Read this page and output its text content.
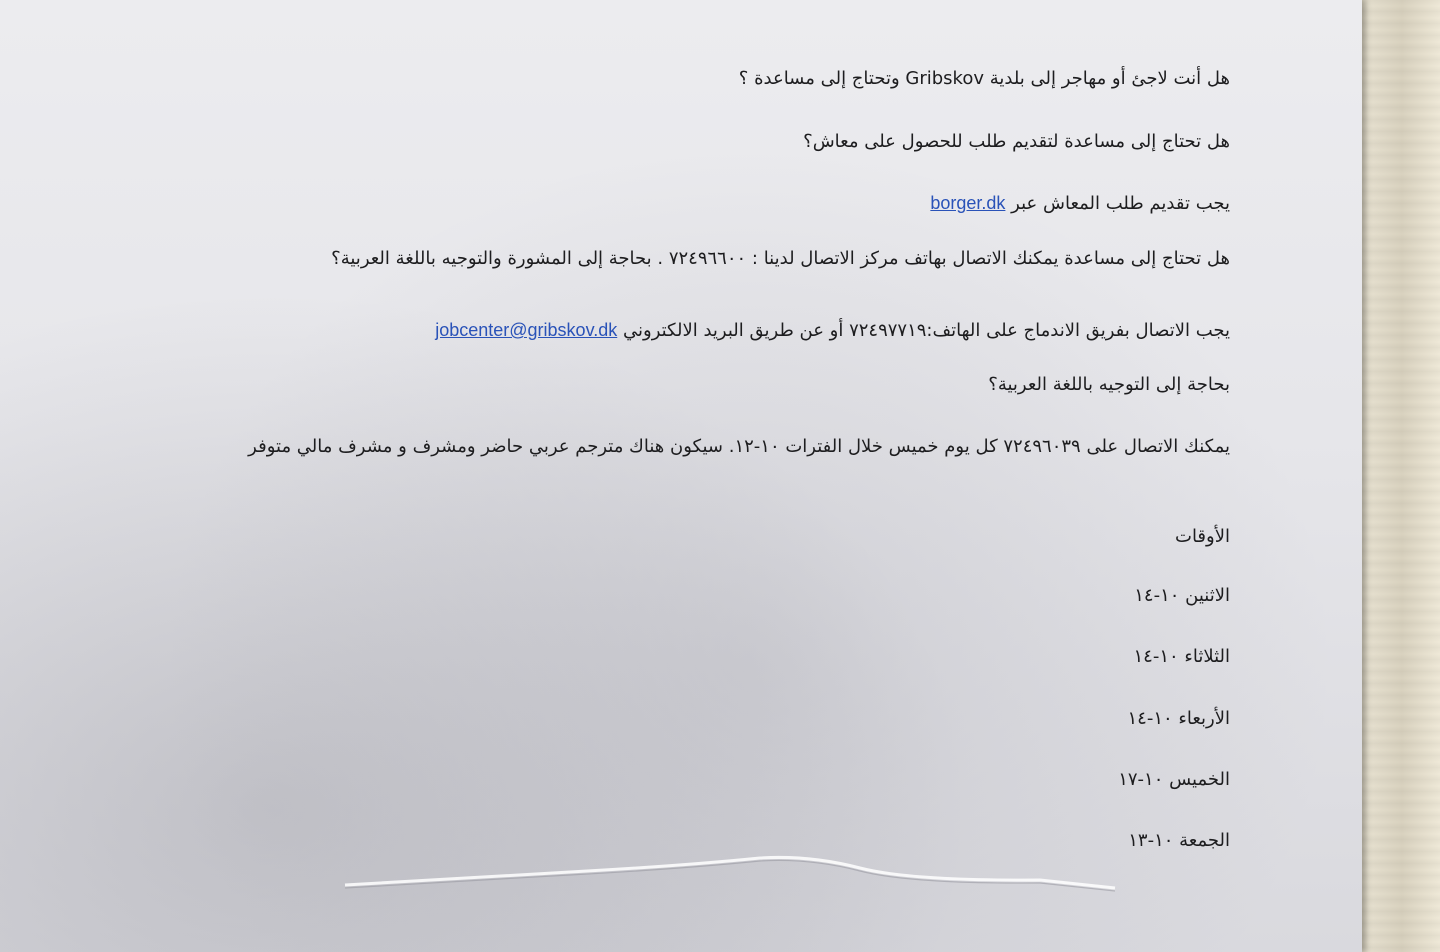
هل أنت لاجئ أو مهاجر إلى بلدية Gribskov وتحتاج إلى مساعدة ؟
هل تحتاج إلى مساعدة لتقديم طلب للحصول على معاش؟
يجب تقديم طلب المعاش عبر borger.dk
هل تحتاج إلى مساعدة يمكنك الاتصال بهاتف مركز الاتصال لدينا : ٧٢٤٩٦٦٠٠ . بحاجة إلى المشورة والتوجيه باللغة العربية؟
يجب الاتصال بفريق الاندماج على الهاتف:٧٢٤٩٧٧١٩ أو عن طريق البريد الالكتروني jobcenter@gribskov.dk
بحاجة إلى التوجيه باللغة العربية؟
يمكنك الاتصال على ٧٢٤٩٦٠٣٩ كل يوم خميس خلال الفترات ١٠-١٢. سيكون هناك مترجم عربي حاضر ومشرف و مشرف مالي متوفر
الأوقات
الاثنين ١٠-١٤
الثلاثاء ١٠-١٤
الأربعاء ١٠-١٤
الخميس ١٠-١٧
الجمعة ١٠-١٣
